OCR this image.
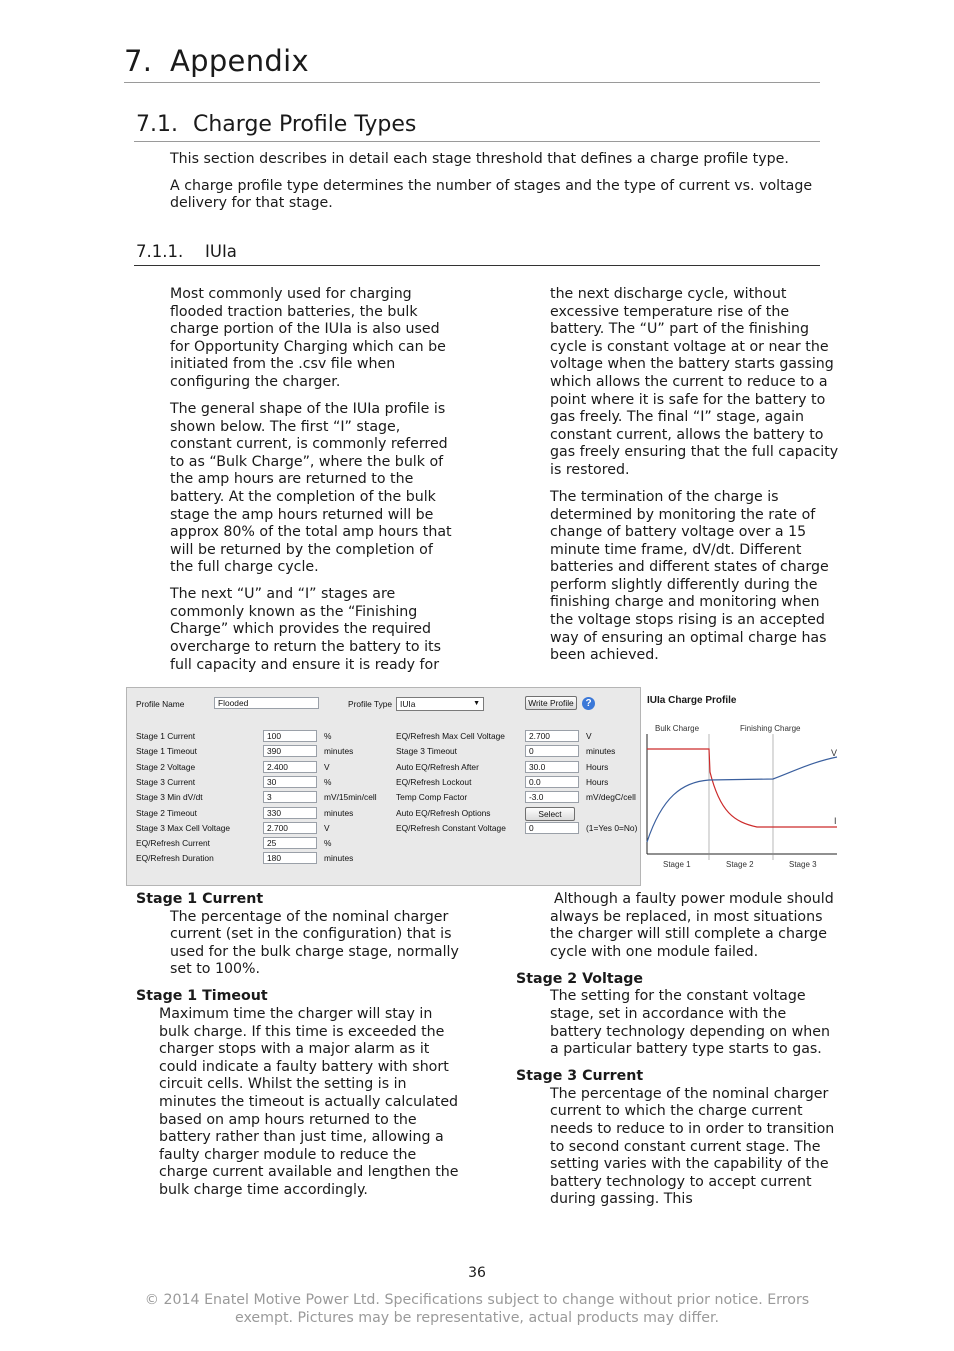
7. Appendix
7.1. Charge Profile Types

This section describes in detail each stage threshold that defines a charge profile type.

A charge profile type determines the number of stages and the type of current vs. voltage delivery for that stage.

7.1.1. IUIa

Most commonly used for charging flooded traction batteries, the bulk charge portion of the IUIa is also used for Opportunity Charging which can be initiated from the .csv file when configuring the charger.

The general shape of the IUIa profile is shown below. The first “I” stage, constant current, is commonly referred to as “Bulk Charge”, where the bulk of the amp hours are returned to the battery. At the completion of the bulk stage the amp hours returned will be approx 80% of the total amp hours that will be returned by the completion of the full charge cycle.

The next “U” and “I” stages are commonly known as the “Finishing Charge” which provides the required overcharge to return the battery to its full capacity and ensure it is ready for

the next discharge cycle, without excessive temperature rise of the battery. The “U” part of the finishing cycle is constant voltage at or near the voltage when the battery starts gassing which allows the current to reduce to a point where it is safe for the battery to gas freely. The final “I” stage, again constant current, allows the battery to gas freely ensuring that the full capacity is restored.

The termination of the charge is determined by monitoring the rate of change of battery voltage over a 15 minute time frame, dV/dt. Different batteries and different states of charge perform slightly differently during the finishing charge and monitoring when the voltage stops rising is an accepted way of ensuring an optimal charge has been achieved.

Profile Name	Flooded	Profile Type IUIa	▼	Write Profile	?
Stage 1 Current	100	%
Stage 1 Timeout	390	minutes
Stage 2 Voltage	2.400	V
Stage 3 Current	30	%
Stage 3 Min dV/dt	3	mV/15min/cell
Stage 2 Timeout	330	minutes
Stage 3 Max Cell Voltage	2.700	V
EQ/Refresh Current	25	%
EQ/Refresh Duration	180	minutes
EQ/Refresh Max Cell Voltage	2.700	V
Stage 3 Timeout	0	minutes
Auto EQ/Refresh After	30.0	Hours
EQ/Refresh Lockout	0.0	Hours
Temp Comp Factor	-3.0	mV/degC/cell
Auto EQ/Refresh Options	Select
EQ/Refresh Constant Voltage	0	(1=Yes 0=No)
IUIa Charge Profile
Bulk Charge	Finishing Charge
V
I
Stage 1	Stage 2	Stage 3
Stage 1 Current
The percentage of the nominal charger current (set in the configuration) that is used for the bulk charge stage, normally set to 100%.
Stage 1 Timeout
Maximum time the charger will stay in bulk charge. If this time is exceeded the charger stops with a major alarm as it could indicate a faulty battery with short circuit cells. Whilst the setting is in minutes the timeout is actually calculated based on amp hours returned to the battery rather than just time, allowing a faulty charger module to reduce the charge current available and lengthen the bulk charge time accordingly.
Although a faulty power module should always be replaced, in most situations the charger will still complete a charge cycle with one module failed.
Stage 2 Voltage
The setting for the constant voltage stage, set in accordance with the battery technology depending on when a particular battery type starts to gas.
Stage 3 Current
The percentage of the nominal charger current to which the charge current needs to reduce to in order to transition to second constant current stage. The setting varies with the capability of the battery technology to accept current during gassing. This
36
© 2014 Enatel Motive Power Ltd. Specifications subject to change without prior notice. Errors
exempt. Pictures may be representative, actual products may differ.
